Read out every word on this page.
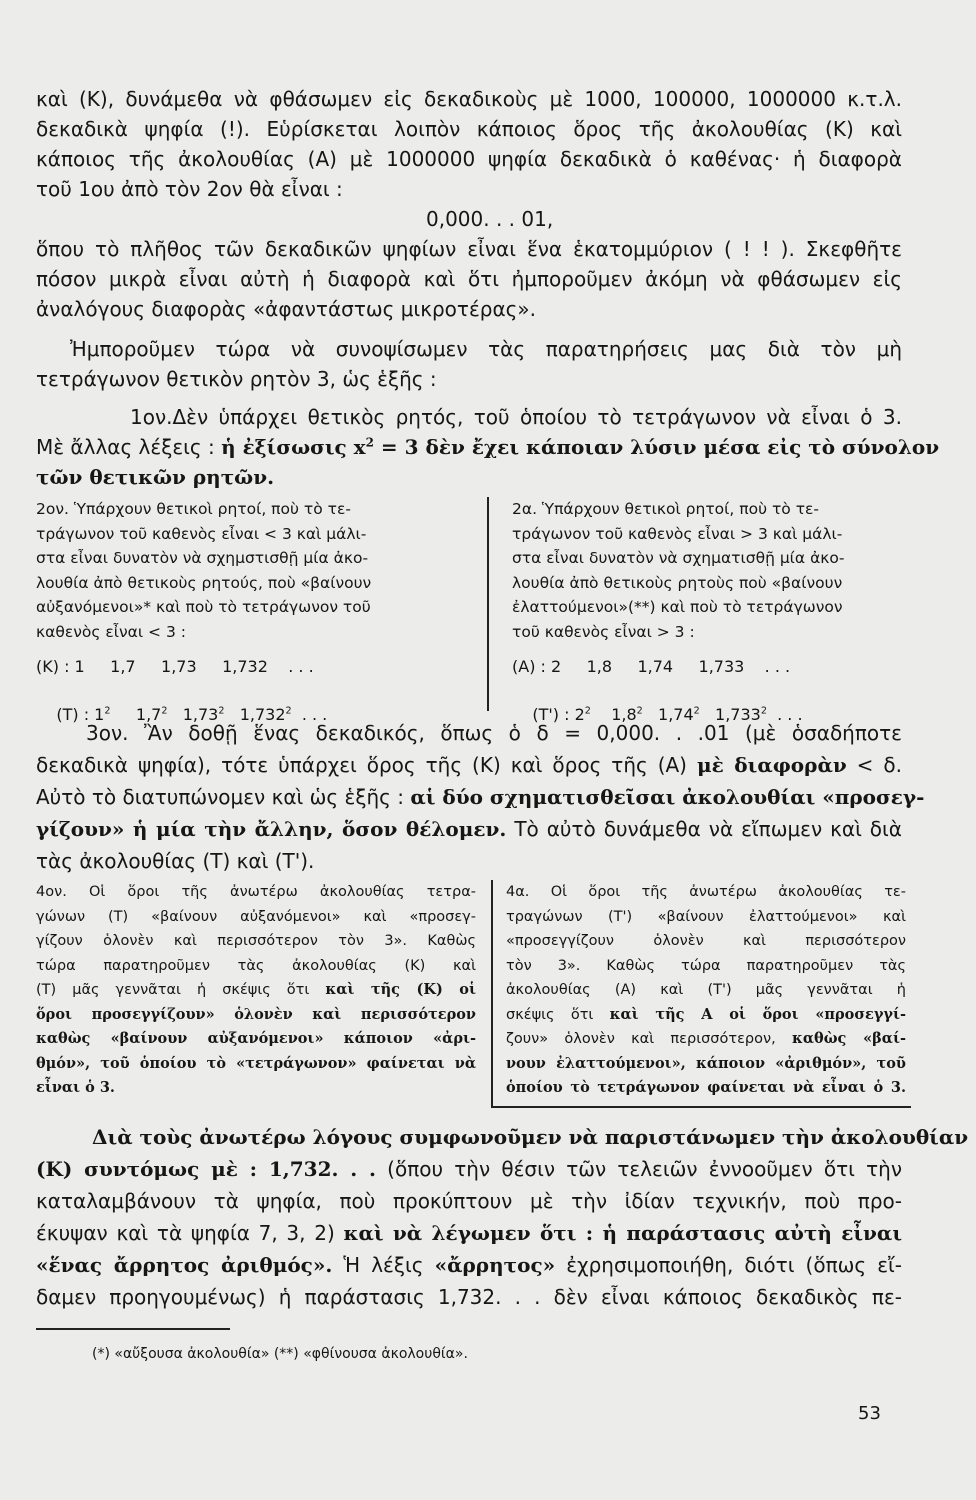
καὶ (Κ), δυνάμεθα νὰ φθάσωμεν εἰς δεκαδικοὺς μὲ 1000, 100000, 1000000 κ.τ.λ.
δεκαδικὰ ψηφία (!). Εὑρίσκεται λοιπὸν κάποιος ὅρος τῆς ἀκολουθίας (Κ) καὶ
κάποιος τῆς ἀκολουθίας (Α) μὲ 1000000 ψηφία δεκαδικὰ ὁ καθένας· ἡ διαφορὰ
τοῦ 1ου ἀπὸ τὸν 2ον θὰ εἶναι :
0,000. . . 01,
ὅπου τὸ πλῆθος τῶν δεκαδικῶν ψηφίων εἶναι ἕνα ἑκατομμύριον ( ! ! ). Σκεφθῆτε
πόσον μικρὰ εἶναι αὐτὴ ἡ διαφορὰ καὶ ὅτι ἠμποροῦμεν ἀκόμη νὰ φθάσωμεν εἰς
ἀναλόγους διαφορὰς «ἀφαντάστως μικροτέρας».
Ἠμποροῦμεν τώρα νὰ συνοψίσωμεν τὰς παρατηρήσεις μας διὰ τὸν μὴ
τετράγωνον θετικὸν ρητὸν 3, ὡς ἑξῆς :
1ον.Δὲν ὑπάρχει θετικὸς ρητός, τοῦ ὁποίου τὸ τετράγωνον νὰ εἶναι ὁ 3.
Μὲ ἄλλας λέξεις : ἡ ἐξίσωσις $x^2 = 3$ δὲν ἔχει κάποιαν λύσιν μέσα εἰς τὸ σύνολον
τῶν θετικῶν ρητῶν.
2ον. Ὑπάρχουν θετικοὶ ρητοί, ποὺ τὸ τε-
τράγωνον τοῦ καθενὸς εἶναι < 3 καὶ μάλι-
στα εἶναι δυνατὸν νὰ σχημστισθῇ μία ἀκο-
λουθία ἀπὸ θετικοὺς ρητούς, ποὺ «βαίνουν
αὐξανόμενοι»* καὶ ποὺ τὸ τετράγωνον τοῦ
καθενὸς εἶναι < 3 :
(Κ) : 1     1,7     1,73     1,732    . . .

(Τ) : $1^2$ $1,7^2$ 1,73$^2$ 1,732$^2$ . . .

2α. Ὑπάρχουν θετικοὶ ρητοί, ποὺ τὸ τε-
τράγωνον τοῦ καθενὸς εἶναι > 3 καὶ μάλι-
στα εἶναι δυνατὸν νὰ σχηματισθῇ μία ἀκο-
λουθία ἀπὸ θετικοὺς ρητοὺς ποὺ «βαίνουν
ἐλαττούμενοι»(**) καὶ ποὺ τὸ τετράγωνον
τοῦ καθενὸς εἶναι > 3 :
(Α) : 2     1,8     1,74     1,733    . . .

(Τ') : $2^2$ $1,8^2$ 1,74$^2$ 1,733$^2$ . . .

3ον. Ἂν δοθῇ ἕνας δεκαδικός, ὅπως ὁ δ = 0,000. . .01 (μὲ ὁσαδήποτε
δεκαδικὰ ψηφία), τότε ὑπάρχει ὅρος τῆς (Κ) καὶ ὅρος τῆς (Α) μὲ διαφορὰν < δ.
Αὐτὸ τὸ διατυπώνομεν καὶ ὡς ἑξῆς : αἱ δύο σχηματισθεῖσαι ἀκολουθίαι «προσεγ-
γίζουν» ἡ μία τὴν ἄλλην, ὅσον θέλομεν. Τὸ αὐτὸ δυνάμεθα νὰ εἴπωμεν καὶ διὰ
τὰς ἀκολουθίας (Τ) καὶ (Τ').
4ον. Οἱ ὅροι τῆς ἀνωτέρω ἀκολουθίας τετρα-
γώνων (Τ) «βαίνουν αὐξανόμενοι» καὶ «προσεγ-
γίζουν ὁλονὲν καὶ περισσότερον τὸν 3». Καθὼς
τώρα παρατηροῦμεν τὰς ἀκολουθίας (Κ) καὶ
(Τ) μᾶς γεννᾶται ἡ σκέψις ὅτι καὶ τῆς (Κ) οἱ
ὅροι προσεγγίζουν» ὁλονὲν καὶ περισσότερον
καθὼς «βαίνουν αὐξανόμενοι» κάποιον «ἀρι-
θμόν», τοῦ ὁποίου τὸ «τετράγωνον» φαίνεται νὰ
εἶναι ὁ 3.
4α. Οἱ ὅροι τῆς ἀνωτέρω ἀκολουθίας τε-
τραγώνων (Τ') «βαίνουν ἐλαττούμενοι» καὶ
«προσεγγίζουν ὁλονὲν καὶ περισσότερον
τὸν 3». Καθὼς τώρα παρατηροῦμεν τὰς
ἀκολουθίας (Α) καὶ (Τ') μᾶς γεννᾶται ἡ
σκέψις ὅτι καὶ τῆς Α οἱ ὅροι «προσεγγί-
ζουν» ὁλονὲν καὶ περισσότερον, καθὼς «βαί-
νουν ἐλαττούμενοι», κάποιον «ἀριθμόν», τοῦ
ὁποίου τὸ τετράγωνον φαίνεται νὰ εἶναι ὁ 3.
Διὰ τοὺς ἀνωτέρω λόγους συμφωνοῦμεν νὰ παριστάνωμεν τὴν ἀκολουθίαν
(Κ) συντόμως μὲ : 1,732. . . (ὅπου τὴν θέσιν τῶν τελειῶν ἐννοοῦμεν ὅτι τὴν
καταλαμβάνουν τὰ ψηφία, ποὺ προκύπτουν μὲ τὴν ἰδίαν τεχνικήν, ποὺ προ-
έκυψαν καὶ τὰ ψηφία 7, 3, 2) καὶ νὰ λέγωμεν ὅτι : ἡ παράστασις αὐτὴ εἶναι
«ἕνας ἄρρητος ἀριθμός». Ἡ λέξις «ἄρρητος» ἐχρησιμοποιήθη, διότι (ὅπως εἴ-
δαμεν προηγουμένως) ἡ παράστασις 1,732. . . δὲν εἶναι κάποιος δεκαδικὸς πε-
(*) «αὔξουσα ἀκολουθία» (**) «φθίνουσα ἀκολουθία».
53
